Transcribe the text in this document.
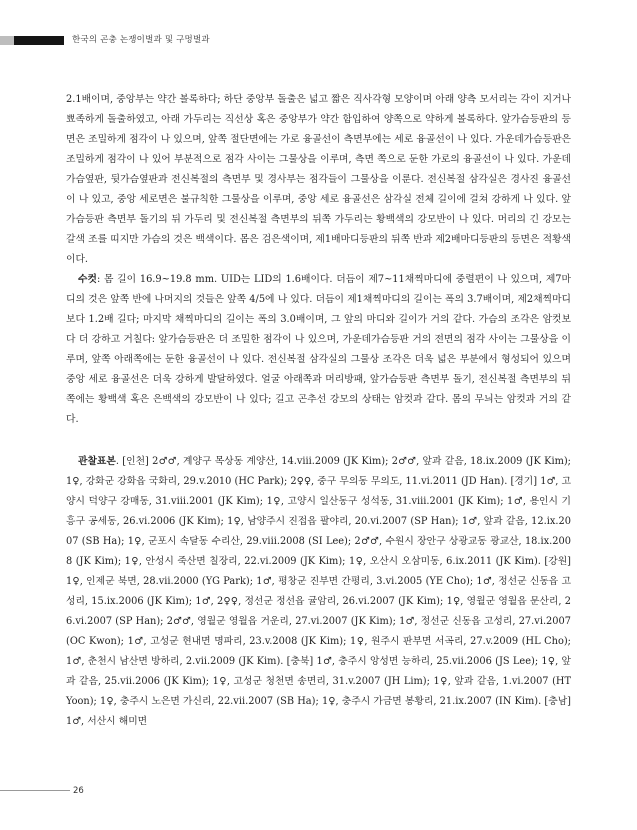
한국의 곤충 논쟁이벌과 및 구멍벌과

2.1배이며, 중앙부는 약간 볼록하다; 하단 중앙부 돌출은 넓고 짧은 직사각형 모양이며 아래 양측 모서리는 각이 지거나 뾰족하게 돌출하였고, 아래 가두리는 직선상 혹은 중앙부가 약간 함입하여 양쪽으로 약하게 볼록하다. 앞가슴등판의 등면은 조밀하게 점각이 나 있으며, 앞쪽 절단면에는 가로 융골선이 측면부에는 세로 융골선이 나 있다. 가운데가슴등판은 조밀하게 점각이 나 있어 부분적으로 점각 사이는 그물상을 이루며, 측면 쪽으로 둔한 가로의 융골선이 나 있다. 가운데가슴옆판, 뒷가슴옆판과 전신복절의 측면부 및 경사부는 점각들이 그물상을 이룬다. 전신복절 삼각실은 경사진 융골선이 나 있고, 중앙 세로면은 불규칙한 그물상을 이루며, 중앙 세로 융골선은 삼각실 전체 길이에 걸쳐 강하게 나 있다. 앞가슴등판 측면부 돌기의 뒤 가두리 및 전신복절 측면부의 뒤쪽 가두리는 황백색의 강모반이 나 있다. 머리의 긴 강모는 갈색 조를 띠지만 가슴의 것은 백색이다. 몸은 검은색이며, 제1배마디등판의 뒤쪽 반과 제2배마디등판의 등면은 적황색이다.

수컷: 몸 길이 16.9~19.8 mm. UID는 LID의 1.6배이다. 더듬이 제7~11채찍마디에 중렬편이 나 있으며, 제7마디의 것은 앞쪽 반에 나머지의 것들은 앞쪽 4/5에 나 있다. 더듬이 제1채찍마디의 길이는 폭의 3.7배이며, 제2채찍마디보다 1.2배 길다; 마지막 채찍마디의 길이는 폭의 3.0배이며, 그 앞의 마디와 길이가 거의 같다. 가슴의 조각은 암컷보다 더 강하고 거칠다: 앞가슴등판은 더 조밀한 점각이 나 있으며, 가운데가슴등판 거의 전면의 점각 사이는 그물상을 이루며, 앞쪽 아래쪽에는 둔한 융골선이 나 있다. 전신복절 삼각실의 그물상 조각은 더욱 넓은 부분에서 형성되어 있으며 중앙 세로 융골선은 더욱 강하게 발달하였다. 얼굴 아래쪽과 머리방패, 앞가슴등판 측면부 돌기, 전신복절 측면부의 뒤쪽에는 황백색 혹은 은백색의 강모반이 나 있다; 길고 곤추선 강모의 상태는 암컷과 같다. 몸의 무늬는 암컷과 거의 같다.

관찰표본. [인천] 2♂♂, 계양구 목상동 계양산, 14.viii.2009 (JK Kim); 2♂♂, 앞과 같음, 18.ix.2009 (JK Kim); 1♀, 강화군 강화읍 국화리, 29.v.2010 (HC Park); 2♀♀, 중구 무의동 무의도, 11.vi.2011 (JD Han). [경기] 1♂, 고양시 덕양구 강매동, 31.viii.2001 (JK Kim); 1♀, 고양시 일산동구 성석동, 31.viii.2001 (JK Kim); 1♂, 용인시 기흥구 공세동, 26.vi.2006 (JK Kim); 1♀, 남양주시 진접읍 팔야리, 20.vi.2007 (SP Han); 1♂, 앞과 같음, 12.ix.2007 (SB Ha); 1♀, 군포시 속달동 수리산, 29.viii.2008 (SI Lee); 2♂♂, 수원시 장안구 상광교동 광교산, 18.ix.2008 (JK Kim); 1♀, 안성시 죽산면 칠장리, 22.vi.2009 (JK Kim); 1♀, 오산시 오삼미동, 6.ix.2011 (JK Kim). [강원] 1♀, 인제군 북면, 28.vii.2000 (YG Park); 1♂, 평창군 진부면 간평리, 3.vi.2005 (YE Cho); 1♂, 정선군 신동읍 고성리, 15.ix.2006 (JK Kim); 1♂, 2♀♀, 정선군 정선읍 귤암리, 26.vi.2007 (JK Kim); 1♀, 영월군 영월읍 문산리, 26.vi.2007 (SP Han); 2♂♂, 영월군 영월읍 거운리, 27.vi.2007 (JK Kim); 1♂, 정선군 신동읍 고성리, 27.vi.2007 (OC Kwon); 1♂, 고성군 현내면 명파리, 23.v.2008 (JK Kim); 1♀, 원주시 판부면 서곡리, 27.v.2009 (HL Cho); 1♂, 춘천시 남산면 방하리, 2.vii.2009 (JK Kim). [충북] 1♂, 충주시 앙성면 능하리, 25.vii.2006 (JS Lee); 1♀, 앞과 같음, 25.vii.2006 (JK Kim); 1♀, 고성군 청천면 송면리, 31.v.2007 (JH Lim); 1♀, 앞과 같음, 1.vi.2007 (HT Yoon); 1♀, 충주시 노은면 가신리, 22.vii.2007 (SB Ha); 1♀, 충주시 가금면 봉황리, 21.ix.2007 (IN Kim). [충남] 1♂, 서산시 해미면

26
